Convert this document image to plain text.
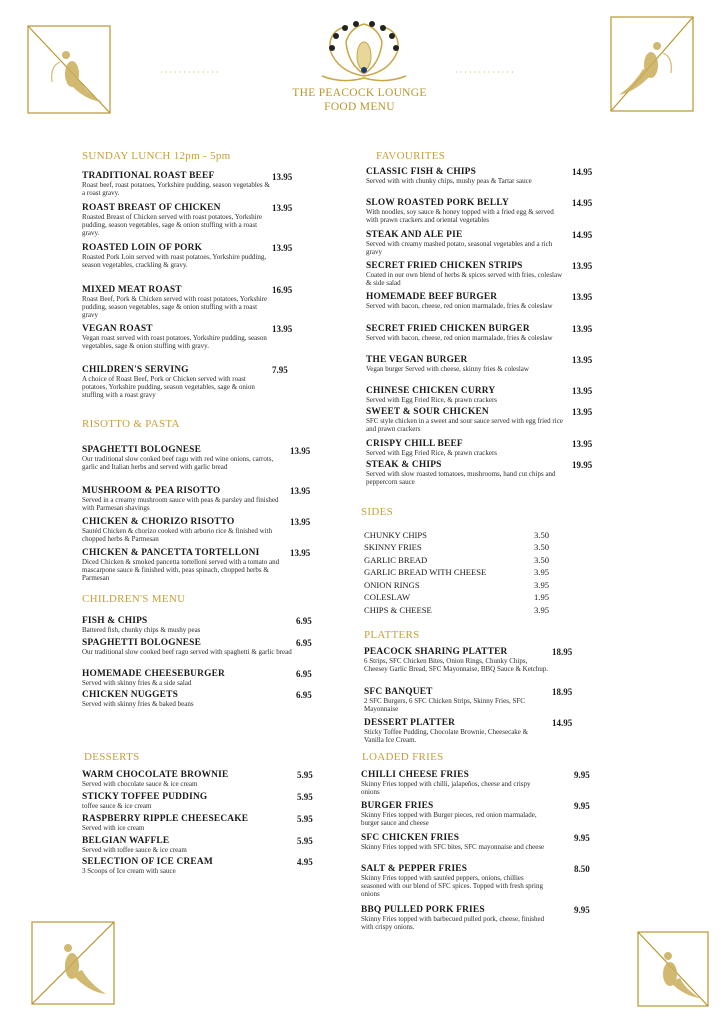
·············	·············
THE PEACOCK LOUNGE
FOOD MENU
SUNDAY LUNCH 12pm - 5pm
RISOTTO & PASTA
CHILDREN'S MENU
DESSERTS
FAVOURITES
SIDES
PLATTERS
LOADED FRIES
TRADITIONAL ROAST BEEF
Roast beef, roast potatoes, Yorkshire pudding, season vegetables & a roast gravy.
13.95
ROAST BREAST OF CHICKEN
Roasted Breast of Chicken served with roast potatoes, Yorkshire pudding, season vegetables, sage & onion stuffing with a roast gravy.
13.95
ROASTED LOIN OF PORK
Roasted Pork Loin served with roast potatoes, Yorkshire pudding, season vegetables, crackling & gravy.
13.95
MIXED MEAT ROAST
Roast Beef, Pork & Chicken served with roast potatoes, Yorkshire pudding, season vegetables, sage & onion stuffing with a roast gravy
16.95
VEGAN ROAST
Vegan roast served with roast potatoes, Yorkshire pudding, season vegetables, sage & onion stuffing with gravy.
13.95
CHILDREN'S SERVING
A choice of Roast Beef, Pork or Chicken served with roast potatoes, Yorkshire pudding, season vegetables, sage & onion stuffing with a roast gravy
7.95
SPAGHETTI BOLOGNESE
Our traditional slow cooked beef ragu with red wine onions, carrots, garlic and Italian herbs and served with garlic bread
13.95
MUSHROOM & PEA RISOTTO
Served in a creamy mushroom sauce with peas & parsley and finished with Parmesan shavings
13.95
CHICKEN & CHORIZO RISOTTO
Sautéd Chicken & chorizo cooked with arborio rice & finished with chopped herbs & Parmesan
13.95
CHICKEN & PANCETTA TORTELLONI
Diced Chicken & smoked pancetta tortelloni served with a tomato and mascarpone sauce & finished with, peas spinach, chopped herbs & Parmesan
13.95
FISH & CHIPS
Battered fish, chunky chips & mushy peas
6.95
SPAGHETTI BOLOGNESE
Our traditional slow cooked beef ragu served with spaghetti & garlic bread
6.95
HOMEMADE CHEESEBURGER
Served with skinny fries & a side salad
6.95
CHICKEN NUGGETS
Served with skinny fries & baked beans
6.95
WARM CHOCOLATE BROWNIE
Served with chocolate sauce & ice cream
5.95
STICKY TOFFEE PUDDING
toffee sauce & ice cream
5.95
RASPBERRY RIPPLE CHEESECAKE
Served with ice cream
5.95
BELGIAN WAFFLE
Served with toffee sauce & ice cream
5.95
SELECTION OF ICE CREAM
3 Scoops of Ice cream with sauce
4.95
CLASSIC FISH & CHIPS
Served with with chunky chips, mushy peas & Tartar sauce
14.95
SLOW ROASTED PORK BELLY
With noodles, soy sauce & honey topped with a fried egg & served with prawn crackers and oriental vegetables
14.95
STEAK AND ALE PIE
Served with creamy mashed potato, seasonal vegetables and a rich gravy
14.95
SECRET FRIED CHICKEN STRIPS
Coated in our own blend of herbs & spices served with fries, coleslaw & side salad
13.95
HOMEMADE BEEF BURGER
Served with bacon, cheese, red onion marmalade, fries & coleslaw
13.95
SECRET FRIED CHICKEN BURGER
Served with bacon, cheese, red onion marmalade, fries & coleslaw
13.95
THE VEGAN BURGER
Vegan burger Served with cheese, skinny fries & coleslaw
13.95
CHINESE CHICKEN CURRY
Served with Egg Fried Rice, & prawn crackers
13.95
SWEET & SOUR CHICKEN
SFC style chicken in a sweet and sour sauce served with egg fried rice and prawn crackers
13.95
CRISPY CHILL BEEF
Served with Egg Fried Rice, & prawn crackers
13.95
STEAK & CHIPS
Served with slow roasted tomatoes, mushrooms, hand cut chips and peppercorn sauce
19.95
CHUNKY CHIPS	3.50
SKINNY FRIES	3.50
GARLIC BREAD	3.50
GARLIC BREAD WITH CHEESE	3.95
ONION RINGS	3.95
COLESLAW	1.95
CHIPS & CHEESE	3.95
PEACOCK SHARING PLATTER
6 Strips, SFC Chicken Bites, Onion Rings, Chunky Chips, Cheesey Garlic Bread, SFC Mayonnaise, BBQ Sauce & Ketchup.
18.95
SFC BANQUET
2 SFC Burgers, 6 SFC Chicken Strips, Skinny Fries, SFC Mayonnaise
18.95
DESSERT PLATTER
Sticky Toffee Pudding, Chocolate Brownie, Cheesecake & Vanilla Ice Cream.
14.95
CHILLI CHEESE FRIES
Skinny Fries topped with chilli, jalapeños, cheese and crispy onions
9.95
BURGER FRIES
Skinny Fries topped with Burger pieces, red onion marmalade, burger sauce and cheese
9.95
SFC CHICKEN FRIES
Skinny Fries topped with SFC bites, SFC mayonnaise and cheese
9.95
SALT & PEPPER FRIES
Skinny Fries topped with sautéed peppers, onions, chillies seasoned with our blend of SFC spices. Topped with fresh spring onions
8.50
BBQ PULLED PORK FRIES
Skinny Fries topped with barbecued pulled pork, cheese, finished with crispy onions.
9.95
